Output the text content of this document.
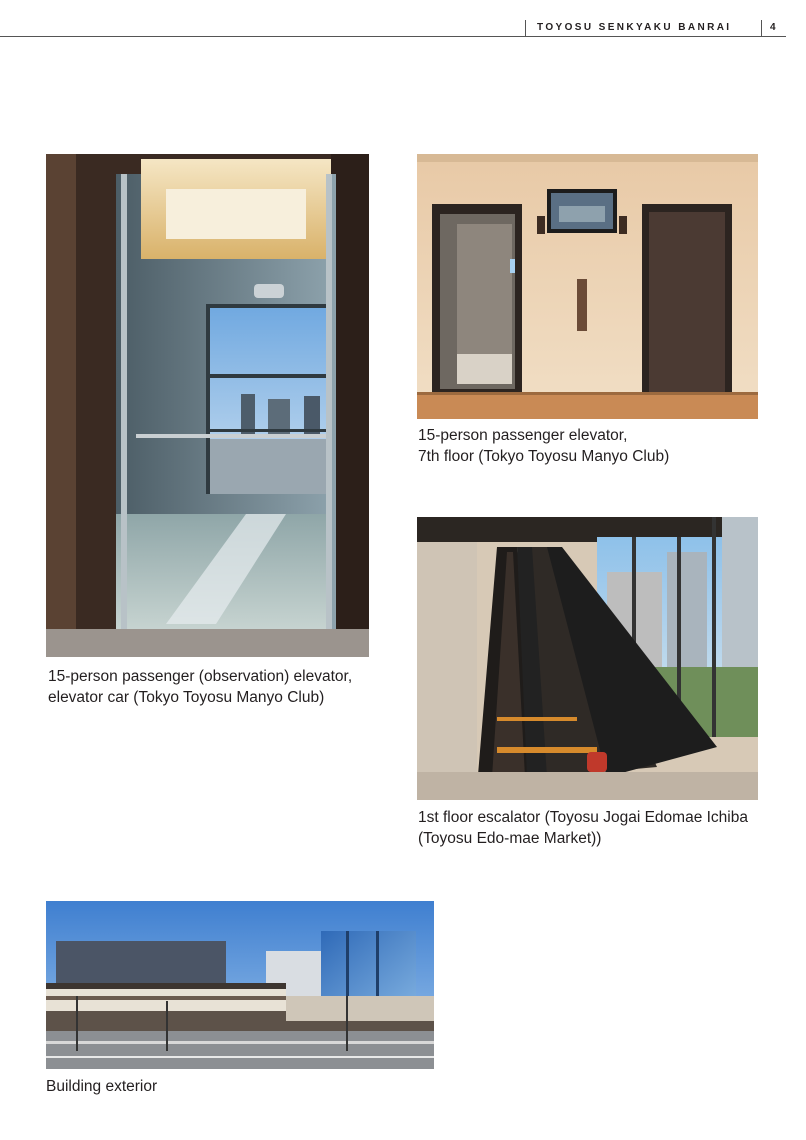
TOYOSU SENKYAKU BANRAI	4
15-person passenger (observation) elevator,
elevator car (Tokyo Toyosu Manyo Club)
15-person passenger elevator,
7th floor (Tokyo Toyosu Manyo Club)
1st floor escalator (Toyosu Jogai Edomae Ichiba
(Toyosu Edo-mae Market))
Building exterior
